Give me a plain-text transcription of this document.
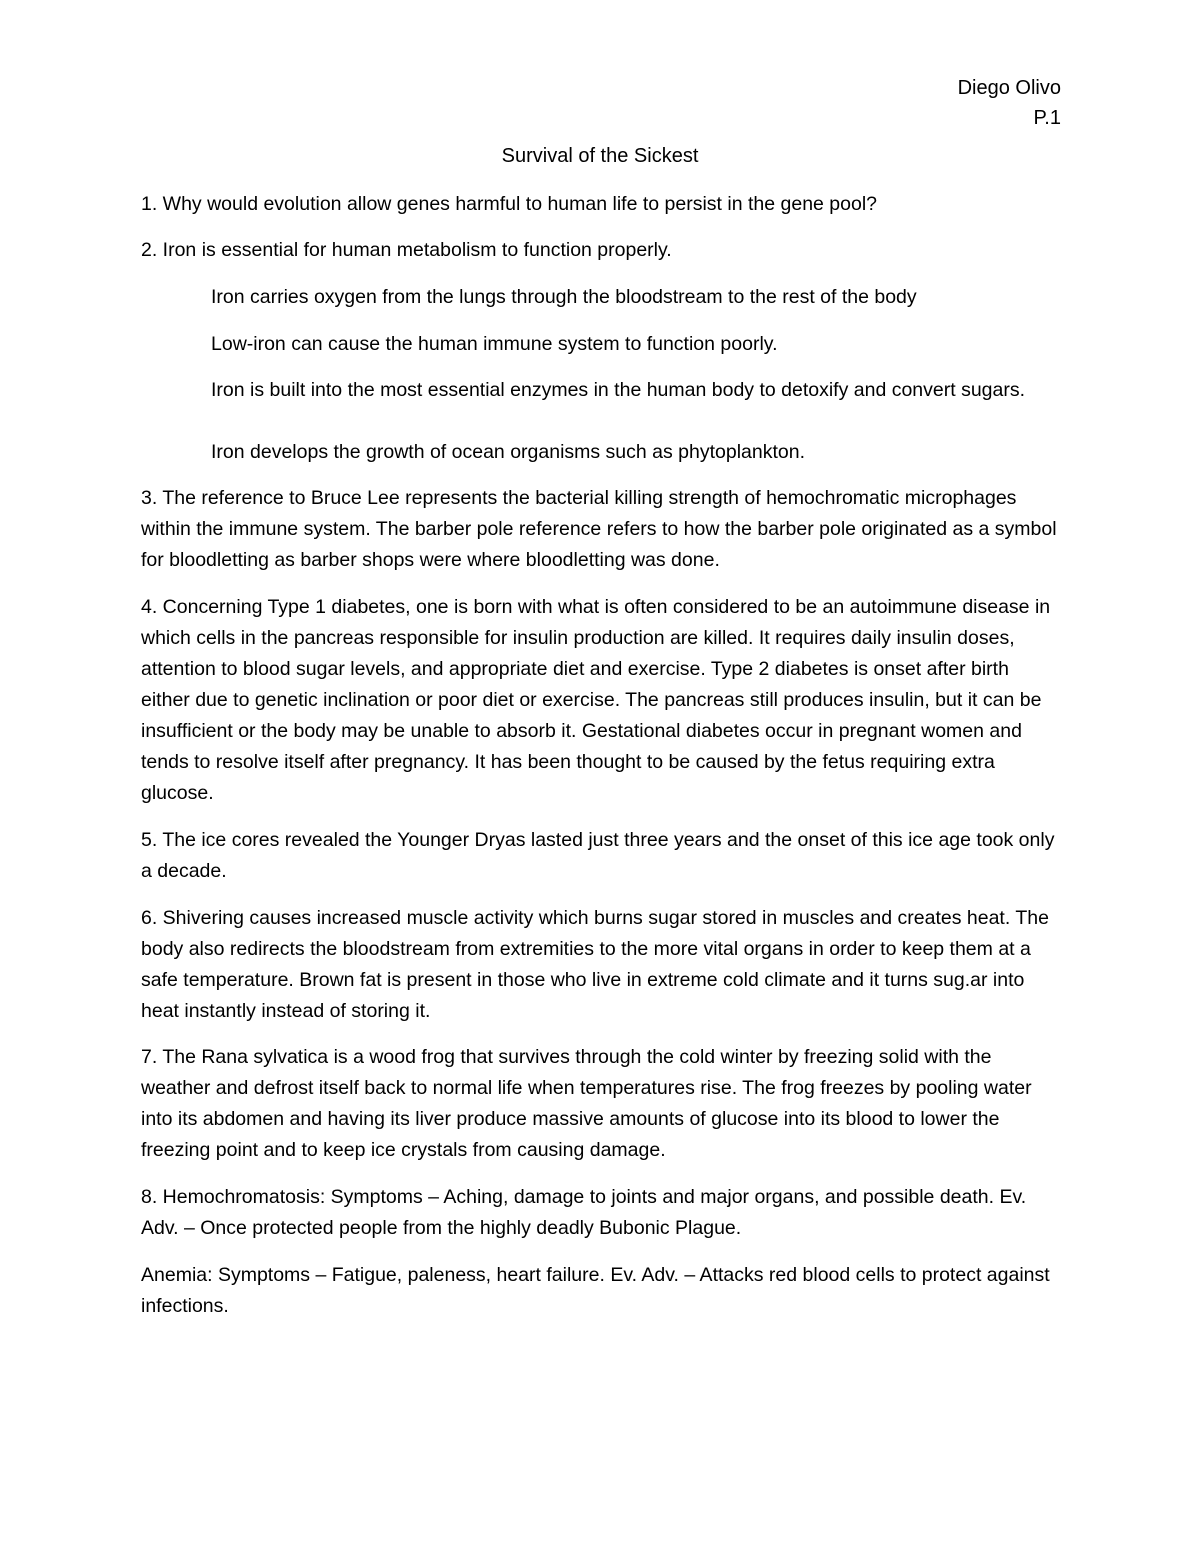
Diego Olivo
P.1
Survival of the Sickest

1. Why would evolution allow genes harmful to human life to persist in the gene pool?

2. Iron is essential for human metabolism to function properly.

Iron carries oxygen from the lungs through the bloodstream to the rest of the body

Low-iron can cause the human immune system to function poorly.

Iron is built into the most essential enzymes in the human body to detoxify and convert sugars.

Iron develops the growth of ocean organisms such as phytoplankton.

3. The reference to Bruce Lee represents the bacterial killing strength of hemochromatic microphages within the immune system. The barber pole reference refers to how the barber pole originated as a symbol for bloodletting as barber shops were where bloodletting was done.

4. Concerning Type 1 diabetes, one is born with what is often considered to be an autoimmune disease in which cells in the pancreas responsible for insulin production are killed. It requires daily insulin doses, attention to blood sugar levels, and appropriate diet and exercise. Type 2 diabetes is onset after birth either due to genetic inclination or poor diet or exercise. The pancreas still produces insulin, but it can be insufficient or the body may be unable to absorb it. Gestational diabetes occur in pregnant women and tends to resolve itself after pregnancy. It has been thought to be caused by the fetus requiring extra glucose.

5. The ice cores revealed the Younger Dryas lasted just three years and the onset of this ice age took only a decade.

6. Shivering causes increased muscle activity which burns sugar stored in muscles and creates heat. The body also redirects the bloodstream from extremities to the more vital organs in order to keep them at a safe temperature. Brown fat is present in those who live in extreme cold climate and it turns sug.ar into heat instantly instead of storing it.

7. The Rana sylvatica is a wood frog that survives through the cold winter by freezing solid with the weather and defrost itself back to normal life when temperatures rise. The frog freezes by pooling water into its abdomen and having its liver produce massive amounts of glucose into its blood to lower the freezing point and to keep ice crystals from causing damage.

8. Hemochromatosis: Symptoms – Aching, damage to joints and major organs, and possible death. Ev. Adv. – Once protected people from the highly deadly Bubonic Plague.

Anemia: Symptoms – Fatigue, paleness, heart failure. Ev. Adv. – Attacks red blood cells to protect against infections.
